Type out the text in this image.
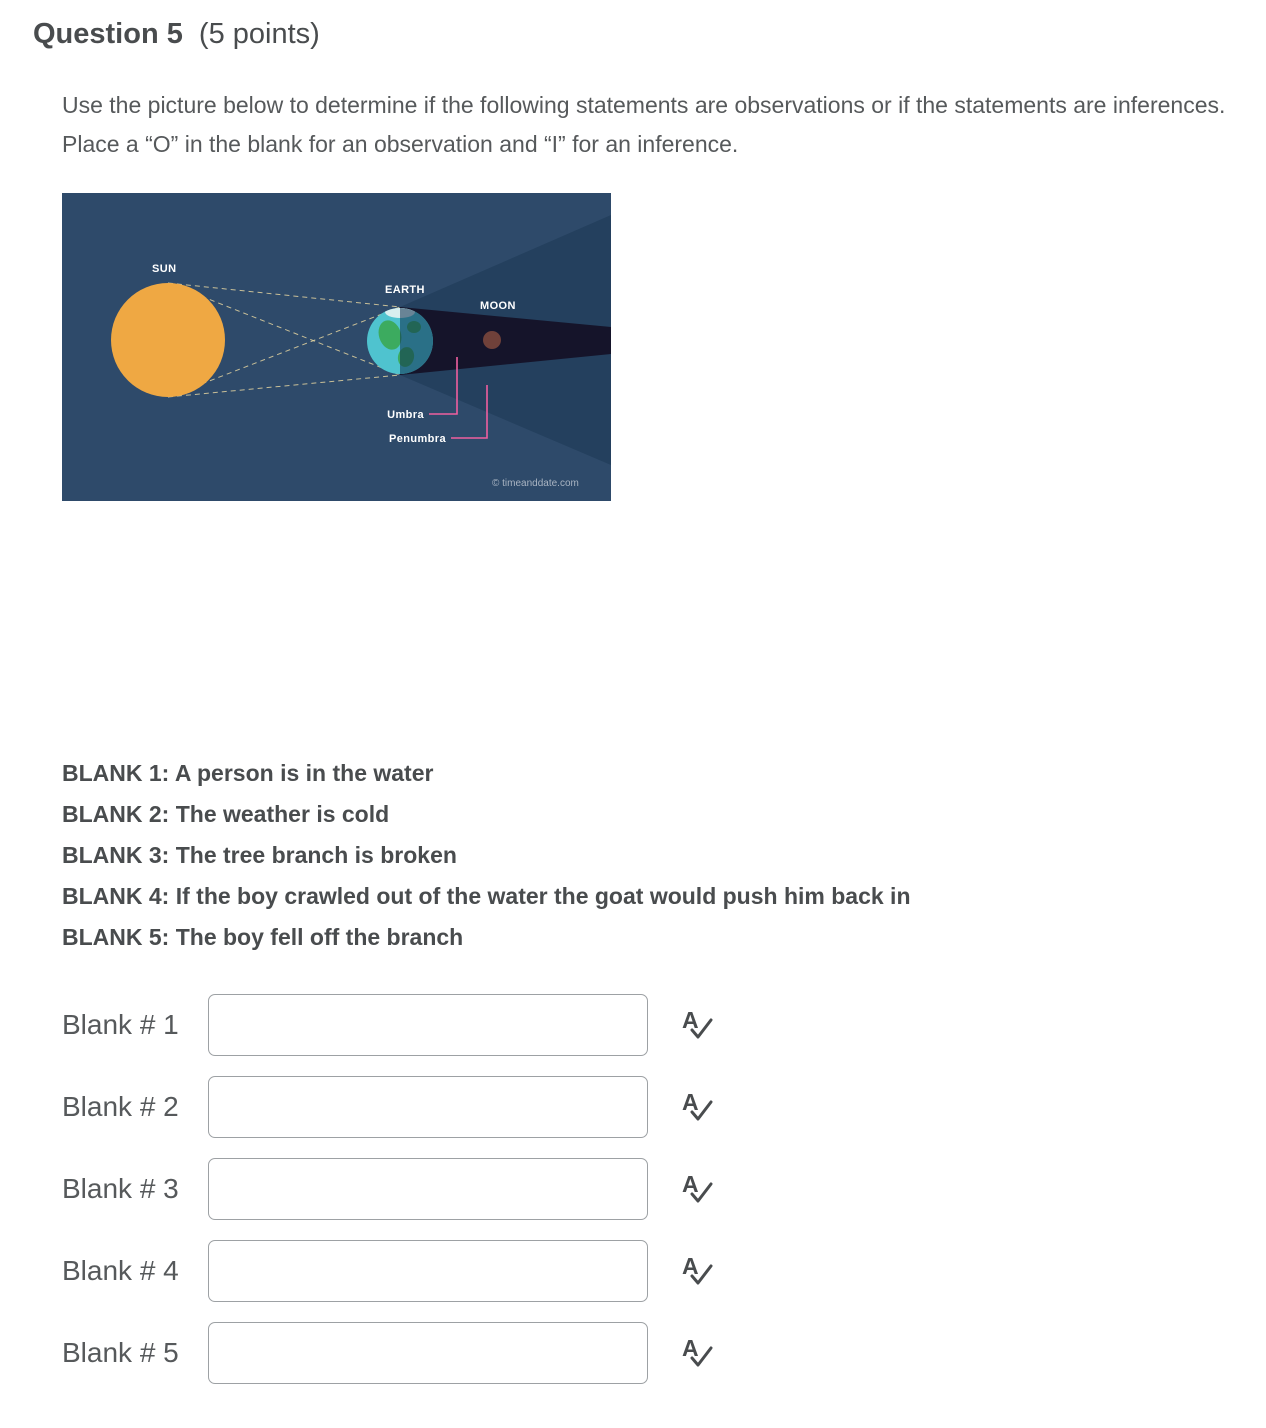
Question 5 (5 points)

Use the picture below to determine if the following statements are observations or if the statements are inferences. Place a “O” in the blank for an observation and “I” for an inference.

SUN
EARTH
MOON
Umbra
Penumbra
© timeanddate.com
BLANK 1: A person is in the water
BLANK 2: The weather is cold
BLANK 3: The tree branch is broken
BLANK 4: If the boy crawled out of the water the goat would push him back in
BLANK 5: The boy fell off the branch
Blank # 1	A
Blank # 2	A
Blank # 3	A
Blank # 4	A
Blank # 5	A
